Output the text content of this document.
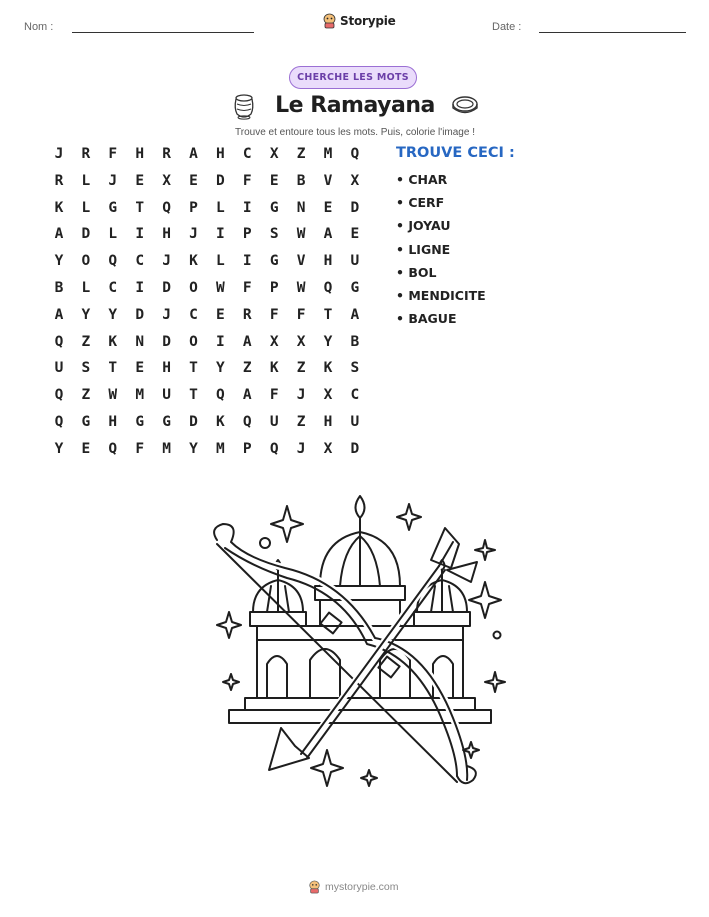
Nom :	Storypie	Date :
CHERCHE LES MOTS
Le Ramayana
Trouve et entoure tous les mots. Puis, colorie l'image !
J	R	F	H	R	A	H	C	X	Z	M	Q
R	L	J	E	X	E	D	F	E	B	V	X
K	L	G	T	Q	P	L	I	G	N	E	D
A	D	L	I	H	J	I	P	S	W	A	E
Y	O	Q	C	J	K	L	I	G	V	H	U
B	L	C	I	D	O	W	F	P	W	Q	G
A	Y	Y	D	J	C	E	R	F	F	T	A
Q	Z	K	N	D	O	I	A	X	X	Y	B
U	S	T	E	H	T	Y	Z	K	Z	K	S
Q	Z	W	M	U	T	Q	A	F	J	X	C
Q	G	H	G	G	D	K	Q	U	Z	H	U
Y	E	Q	F	M	Y	M	P	Q	J	X	D
TROUVE CECI :
• CHAR
• CERF
• JOYAU
• LIGNE
• BOL
• MENDICITE
• BAGUE
mystorypie.com
